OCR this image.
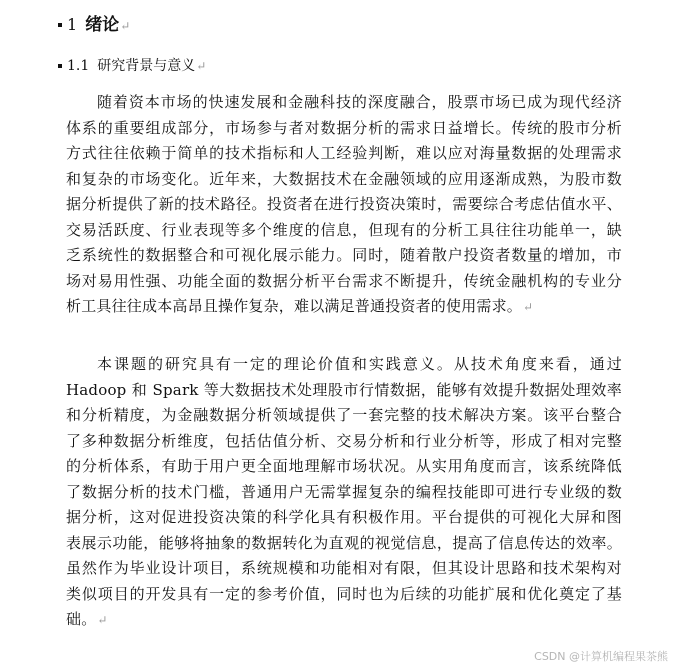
1 绪论 ↵
1.1 研究背景与意义 ↵
随着资本市场的快速发展和金融科技的深度融合，股票市场已成为现代经济
体系的重要组成部分，市场参与者对数据分析的需求日益增长。传统的股市分析
方式往往依赖于简单的技术指标和人工经验判断，难以应对海量数据的处理需求
和复杂的市场变化。近年来，大数据技术在金融领域的应用逐渐成熟，为股市数
据分析提供了新的技术路径。投资者在进行投资决策时，需要综合考虑估值水平、
交易活跃度、行业表现等多个维度的信息，但现有的分析工具往往功能单一，缺
乏系统性的数据整合和可视化展示能力。同时，随着散户投资者数量的增加，市
场对易用性强、功能全面的数据分析平台需求不断提升，传统金融机构的专业分
析工具往往成本高昂且操作复杂，难以满足普通投资者的使用需求。↵
本课题的研究具有一定的理论价值和实践意义。从技术角度来看，通过
Hadoop 和 Spark 等大数据技术处理股市行情数据，能够有效提升数据处理效率
和分析精度，为金融数据分析领域提供了一套完整的技术解决方案。该平台整合
了多种数据分析维度，包括估值分析、交易分析和行业分析等，形成了相对完整
的分析体系，有助于用户更全面地理解市场状况。从实用角度而言，该系统降低
了数据分析的技术门槛，普通用户无需掌握复杂的编程技能即可进行专业级的数
据分析，这对促进投资决策的科学化具有积极作用。平台提供的可视化大屏和图
表展示功能，能够将抽象的数据转化为直观的视觉信息，提高了信息传达的效率。
虽然作为毕业设计项目，系统规模和功能相对有限，但其设计思路和技术架构对
类似项目的开发具有一定的参考价值，同时也为后续的功能扩展和优化奠定了基
础。↵
CSDN @计算机编程果茶熊
